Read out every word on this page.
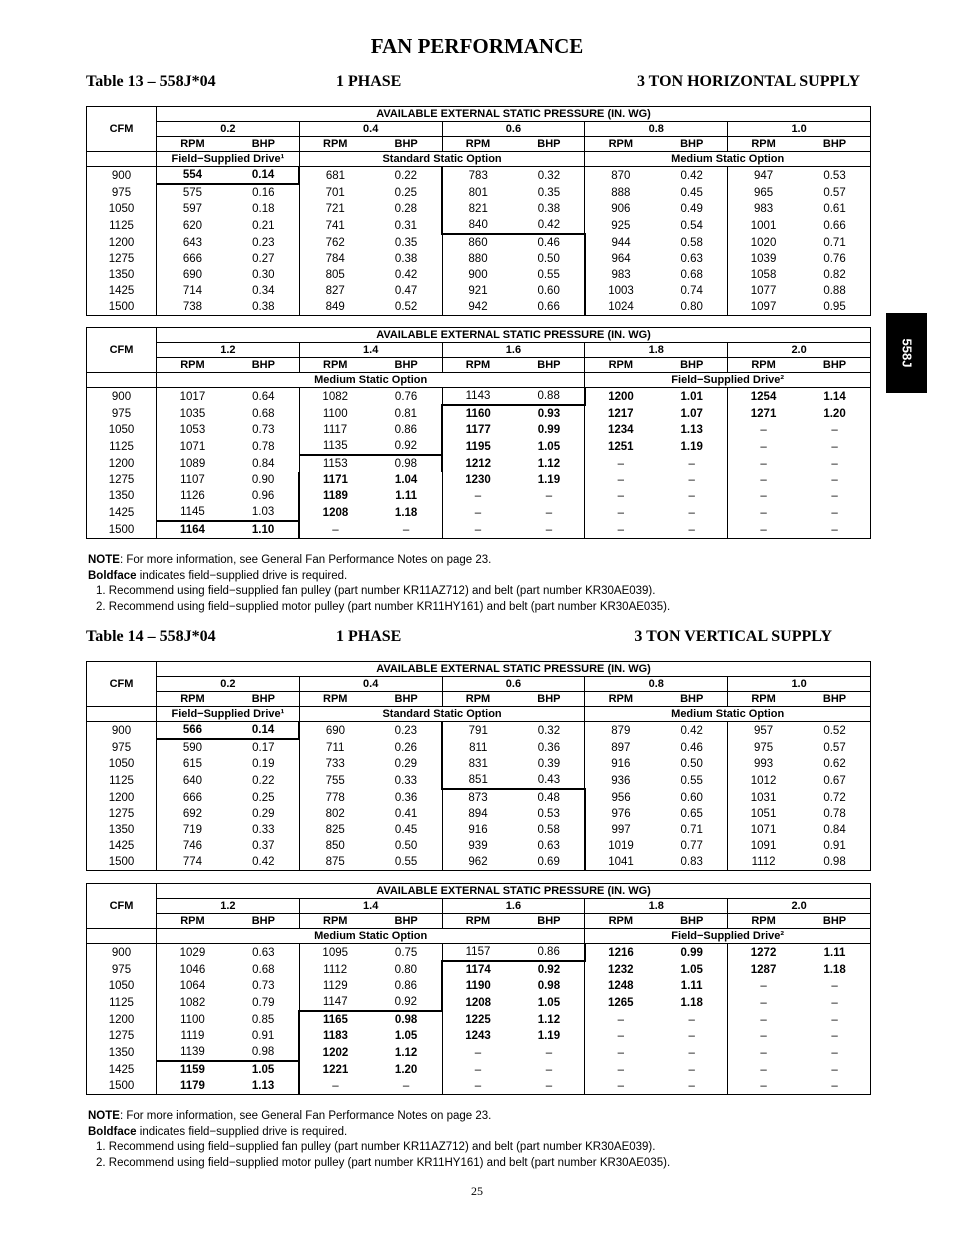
FAN PERFORMANCE
558J
Table 13 – 558J*04	1 PHASE	3 TON HORIZONTAL SUPPLY
CFM	AVAILABLE EXTERNAL STATIC PRESSURE (IN. WG)									
	0.2		0.4		0.6		0.8		1.0	
	RPM	BHP	RPM	BHP	RPM	BHP	RPM	BHP	RPM	BHP
	Field−Supplied Drive¹		Standard Static Option				Medium Static Option			
900	554	0.14	681	0.22	783	0.32	870	0.42	947	0.53
975	575	0.16	701	0.25	801	0.35	888	0.45	965	0.57
1050	597	0.18	721	0.28	821	0.38	906	0.49	983	0.61
1125	620	0.21	741	0.31	840	0.42	925	0.54	1001	0.66
1200	643	0.23	762	0.35	860	0.46	944	0.58	1020	0.71
1275	666	0.27	784	0.38	880	0.50	964	0.63	1039	0.76
1350	690	0.30	805	0.42	900	0.55	983	0.68	1058	0.82
1425	714	0.34	827	0.47	921	0.60	1003	0.74	1077	0.88
1500	738	0.38	849	0.52	942	0.66	1024	0.80	1097	0.95
CFM	AVAILABLE EXTERNAL STATIC PRESSURE (IN. WG)									
	1.2		1.4		1.6		1.8		2.0	
	RPM	BHP	RPM	BHP	RPM	BHP	RPM	BHP	RPM	BHP
	Medium Static Option						Field−Supplied Drive²			
900	1017	0.64	1082	0.76	1143	0.88	1200	1.01	1254	1.14
975	1035	0.68	1100	0.81	1160	0.93	1217	1.07	1271	1.20
1050	1053	0.73	1117	0.86	1177	0.99	1234	1.13	–	–
1125	1071	0.78	1135	0.92	1195	1.05	1251	1.19	–	–
1200	1089	0.84	1153	0.98	1212	1.12	–	–	–	–
1275	1107	0.90	1171	1.04	1230	1.19	–	–	–	–
1350	1126	0.96	1189	1.11	–	–	–	–	–	–
1425	1145	1.03	1208	1.18	–	–	–	–	–	–
1500	1164	1.10	–	–	–	–	–	–	–	–
NOTE: For more information, see General Fan Performance Notes on page 23.
Boldface indicates field−supplied drive is required.
1. Recommend using field−supplied fan pulley (part number KR11AZ712) and belt (part number KR30AE039).
2. Recommend using field−supplied motor pulley (part number KR11HY161) and belt (part number KR30AE035).
Table 14 – 558J*04	1 PHASE	3 TON VERTICAL SUPPLY
CFM	AVAILABLE EXTERNAL STATIC PRESSURE (IN. WG)									
	0.2		0.4		0.6		0.8		1.0	
	RPM	BHP	RPM	BHP	RPM	BHP	RPM	BHP	RPM	BHP
	Field−Supplied Drive¹		Standard Static Option				Medium Static Option			
900	566	0.14	690	0.23	791	0.32	879	0.42	957	0.52
975	590	0.17	711	0.26	811	0.36	897	0.46	975	0.57
1050	615	0.19	733	0.29	831	0.39	916	0.50	993	0.62
1125	640	0.22	755	0.33	851	0.43	936	0.55	1012	0.67
1200	666	0.25	778	0.36	873	0.48	956	0.60	1031	0.72
1275	692	0.29	802	0.41	894	0.53	976	0.65	1051	0.78
1350	719	0.33	825	0.45	916	0.58	997	0.71	1071	0.84
1425	746	0.37	850	0.50	939	0.63	1019	0.77	1091	0.91
1500	774	0.42	875	0.55	962	0.69	1041	0.83	1112	0.98
CFM	AVAILABLE EXTERNAL STATIC PRESSURE (IN. WG)									
	1.2		1.4		1.6		1.8		2.0	
	RPM	BHP	RPM	BHP	RPM	BHP	RPM	BHP	RPM	BHP
	Medium Static Option						Field−Supplied Drive²			
900	1029	0.63	1095	0.75	1157	0.86	1216	0.99	1272	1.11
975	1046	0.68	1112	0.80	1174	0.92	1232	1.05	1287	1.18
1050	1064	0.73	1129	0.86	1190	0.98	1248	1.11	–	–
1125	1082	0.79	1147	0.92	1208	1.05	1265	1.18	–	–
1200	1100	0.85	1165	0.98	1225	1.12	–	–	–	–
1275	1119	0.91	1183	1.05	1243	1.19	–	–	–	–
1350	1139	0.98	1202	1.12	–	–	–	–	–	–
1425	1159	1.05	1221	1.20	–	–	–	–	–	–
1500	1179	1.13	–	–	–	–	–	–	–	–
NOTE: For more information, see General Fan Performance Notes on page 23.
Boldface indicates field−supplied drive is required.
1. Recommend using field−supplied fan pulley (part number KR11AZ712) and belt (part number KR30AE039).
2. Recommend using field−supplied motor pulley (part number KR11HY161) and belt (part number KR30AE035).
25
